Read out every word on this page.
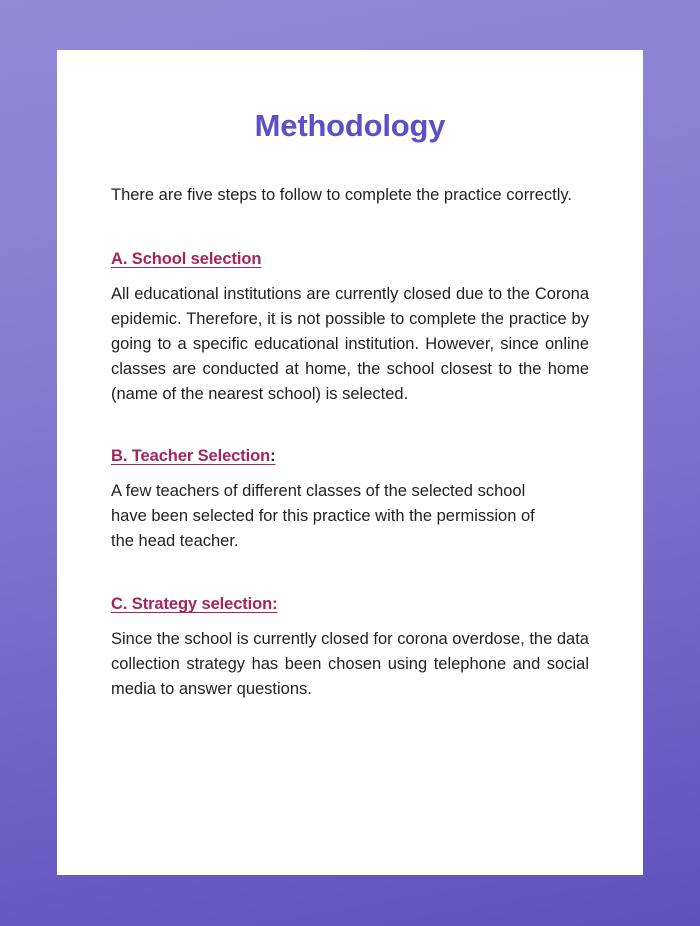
Methodology

There are five steps to follow to complete the practice correctly.

A. School selection

All educational institutions are currently closed due to the Corona epidemic. Therefore, it is not possible to complete the practice by going to a specific educational institution. However, since online classes are conducted at home, the school closest to the home (name of the nearest school) is selected.

B. Teacher Selection:

A few teachers of different classes of the selected school have been selected for this practice with the permission of the head teacher.

C. Strategy selection:

Since the school is currently closed for corona overdose, the data collection strategy has been chosen using telephone and social media to answer questions.
